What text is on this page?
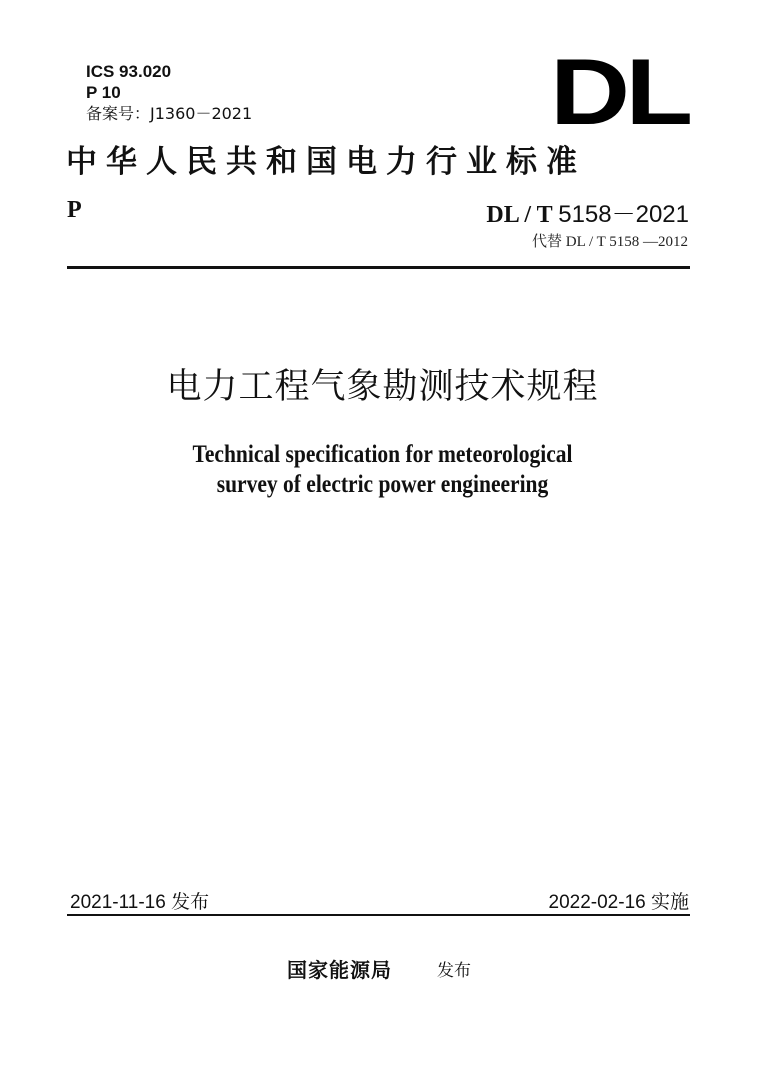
ICS 93.020
P 10
备案号：J1360－2021	DL
中华人民共和国电力行业标准
P	DL / T 5158－2021
代替 DL / T 5158 —2012
电力工程气象勘测技术规程
Technical specification for meteorological
survey of electric power engineering
2021-11-16 发布	2022-02-16 实施
国家能源局	发布
